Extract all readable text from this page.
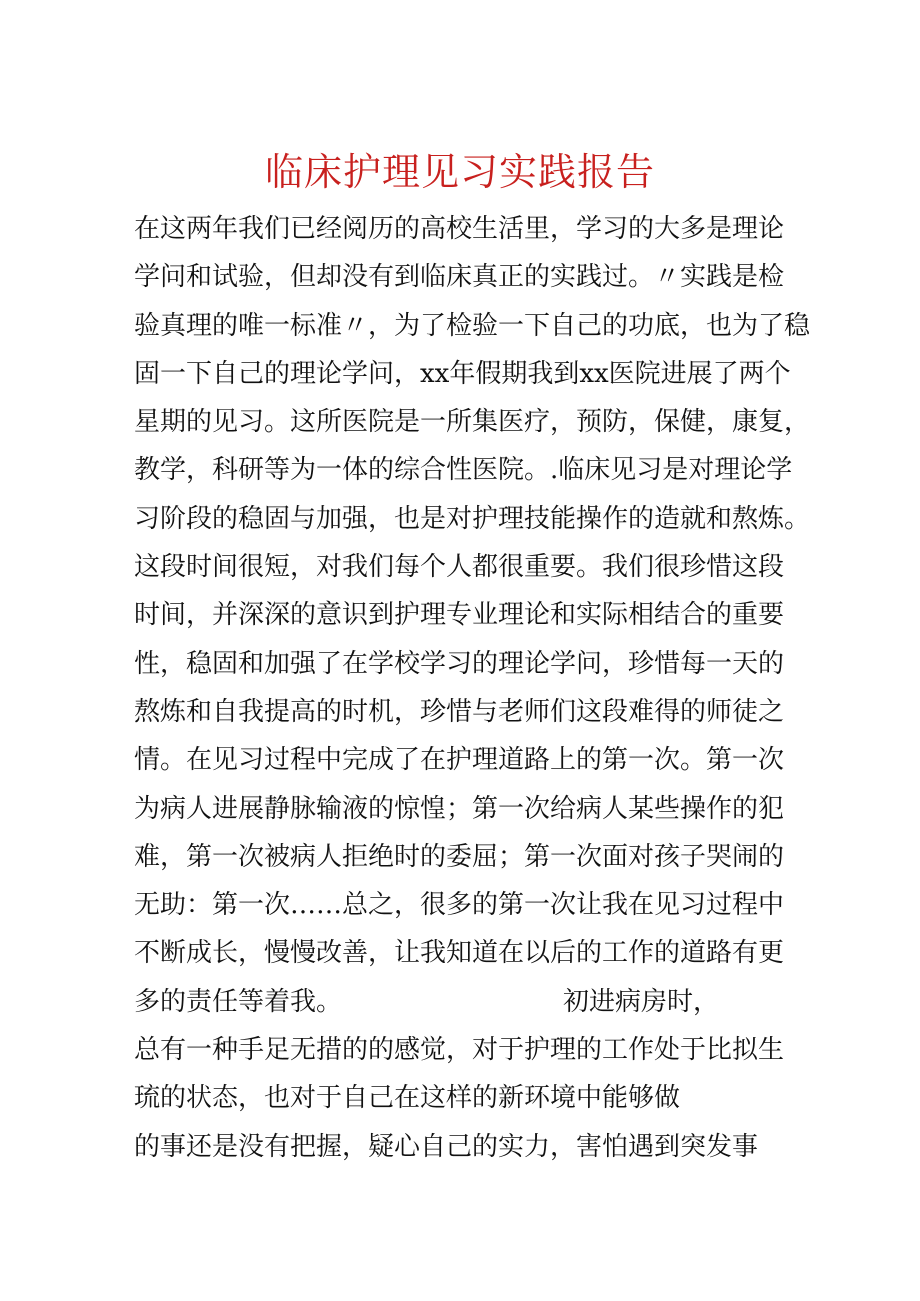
临床护理见习实践报告
在这两年我们已经阅历的高校生活里，学习的大多是理论
学问和试验，但却没有到临床真正的实践过。〃实践是检
验真理的唯一标准〃，为了检验一下自己的功底，也为了稳
固一下自己的理论学问，xx年假期我到xx医院进展了两个
星期的见习。这所医院是一所集医疗，预防，保健，康复，
教学，科研等为一体的综合性医院。.临床见习是对理论学
习阶段的稳固与加强，也是对护理技能操作的造就和熬炼。
这段时间很短，对我们每个人都很重要。我们很珍惜这段
时间，并深深的意识到护理专业理论和实际相结合的重要
性，稳固和加强了在学校学习的理论学问，珍惜每一天的
熬炼和自我提高的时机，珍惜与老师们这段难得的师徒之
情。在见习过程中完成了在护理道路上的第一次。第一次
为病人进展静脉输液的惊惶；第一次给病人某些操作的犯
难，第一次被病人拒绝时的委屈；第一次面对孩子哭闹的
无助：第一次……总之，很多的第一次让我在见习过程中
不断成长，慢慢改善，让我知道在以后的工作的道路有更
多的责任等着我。　　　　　　　　　初进病房时，
总有一种手足无措的的感觉，对于护理的工作处于比拟生
琉的状态，也对于自己在这样的新环境中能够做
的事还是没有把握，疑心自己的实力，害怕遇到突发事
